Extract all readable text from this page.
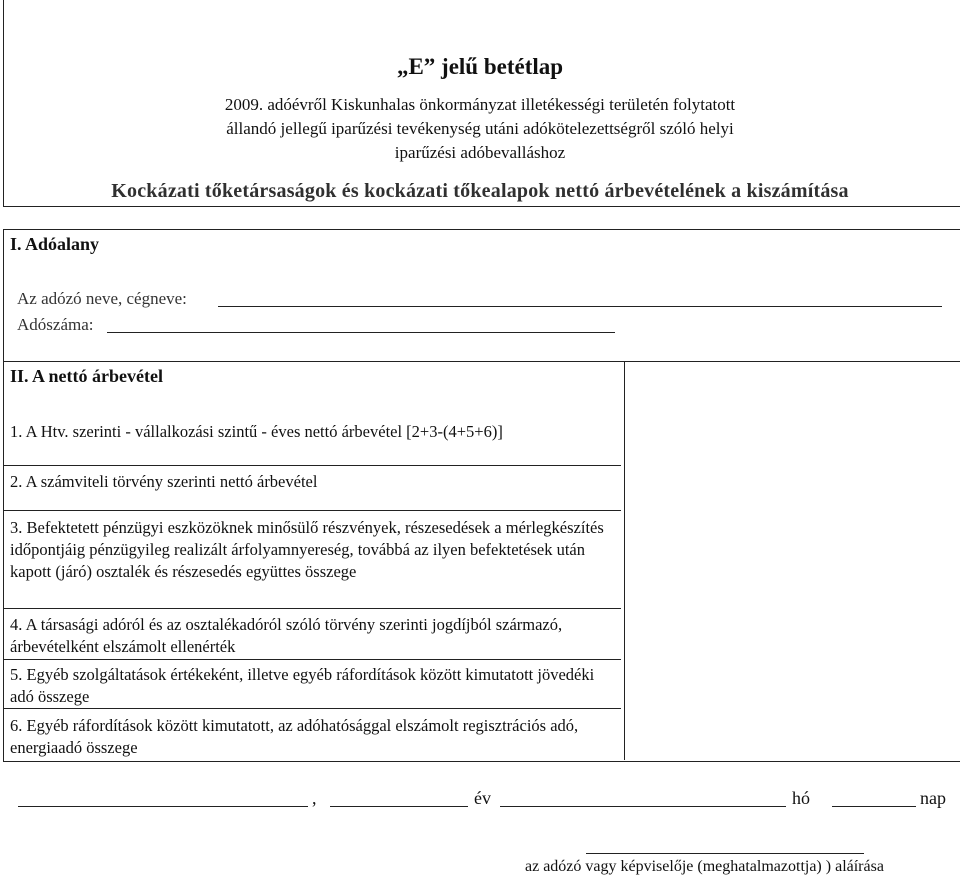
„E” jelű betétlap
2009. adóévről Kiskunhalas önkormányzat illetékességi területén folytatott
állandó jellegű iparűzési tevékenység utáni adókötelezettségről szóló helyi
iparűzési adóbevalláshoz
Kockázati tőketársaságok és kockázati tőkealapok nettó árbevételének a kiszámítása
I. Adóalany
Az adózó neve, cégneve:
Adószáma:
II. A nettó árbevétel
1. A Htv. szerinti - vállalkozási szintű - éves nettó árbevétel [2+3-(4+5+6)]
2. A számviteli törvény szerinti nettó árbevétel
3. Befektetett pénzügyi eszközöknek minősülő részvények, részesedések a mérlegkészítés időpontjáig pénzügyileg realizált árfolyamnyereség, továbbá az ilyen befektetések után kapott (járó) osztalék és részesedés együttes összege
4. A társasági adóról és az osztalékadóról szóló törvény szerinti jogdíjból származó, árbevételként elszámolt ellenérték
5. Egyéb szolgáltatások értékeként, illetve egyéb ráfordítások között kimutatott jövedéki adó összege
6. Egyéb ráfordítások között kimutatott, az adóhatósággal elszámolt regisztrációs adó, energiaadó összege
,	év	hó	nap
az adózó vagy képviselője (meghatalmazottja) ) aláírása
